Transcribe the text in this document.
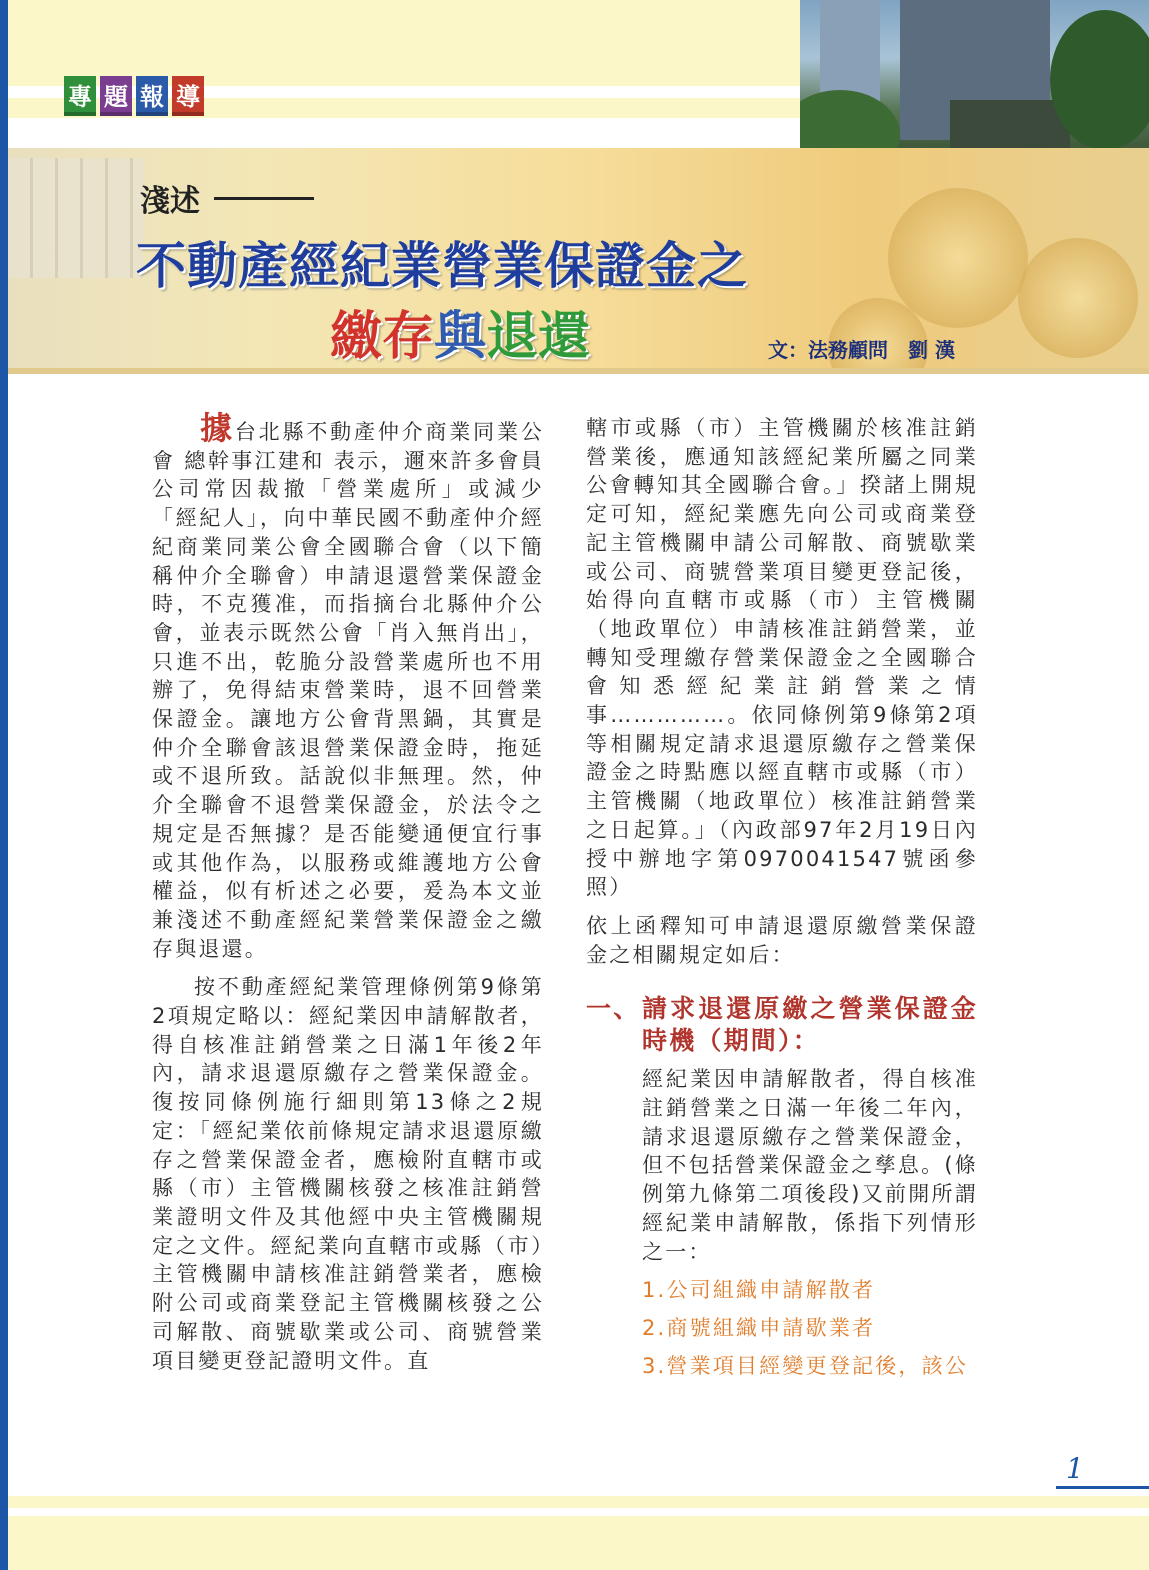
專 題 報 導
淺述
不動產經紀業營業保證金之
繳存與退還	文：法務顧問　劉 漢

據台北縣不動產仲介商業同業公會 總幹事江建和 表示，邇來許多會員公司常因裁撤「營業處所」或減少「經紀人」，向中華民國不動產仲介經紀商業同業公會全國聯合會（以下簡稱仲介全聯會）申請退還營業保證金時，不克獲准，而指摘台北縣仲介公會，並表示既然公會「肖入無肖出」，只進不出，乾脆分設營業處所也不用辦了，免得結束營業時，退不回營業保證金。讓地方公會背黑鍋，其實是仲介全聯會該退營業保證金時，拖延或不退所致。話說似非無理。然，仲介全聯會不退營業保證金，於法令之規定是否無據？是否能變通便宜行事或其他作為，以服務或維護地方公會權益，似有析述之必要，爰為本文並兼淺述不動產經紀業營業保證金之繳存與退還。

按不動產經紀業管理條例第9條第2項規定略以：經紀業因申請解散者，得自核准註銷營業之日滿1年後2年內，請求退還原繳存之營業保證金。復按同條例施行細則第13條之2規定：「經紀業依前條規定請求退還原繳存之營業保證金者，應檢附直轄市或縣（市）主管機關核發之核准註銷營業證明文件及其他經中央主管機關規定之文件。經紀業向直轄市或縣（市）主管機關申請核准註銷營業者，應檢附公司或商業登記主管機關核發之公司解散、商號歇業或公司、商號營業項目變更登記證明文件。直

轄市或縣（市）主管機關於核准註銷營業後，應通知該經紀業所屬之同業公會轉知其全國聯合會。」揆諸上開規定可知，經紀業應先向公司或商業登記主管機關申請公司解散、商號歇業或公司、商號營業項目變更登記後，始得向直轄市或縣（市）主管機關（地政單位）申請核准註銷營業，並轉知受理繳存營業保證金之全國聯合會知悉經紀業註銷營業之情事……………。依同條例第9條第2項等相關規定請求退還原繳存之營業保證金之時點應以經直轄市或縣（市）主管機關（地政單位）核准註銷營業之日起算。」（內政部97年2月19日內授中辦地字第0970041547號函參照）

依上函釋知可申請退還原繳營業保證金之相關規定如后：

一、 請求退還原繳之營業保證金時機（期間）：

經紀業因申請解散者，得自核准註銷營業之日滿一年後二年內，請求退還原繳存之營業保證金，但不包括營業保證金之孳息。(條例第九條第二項後段)又前開所謂經紀業申請解散，係指下列情形之一：

1.公司組織申請解散者

2.商號組織申請歇業者

3.營業項目經變更登記後，該公

1
